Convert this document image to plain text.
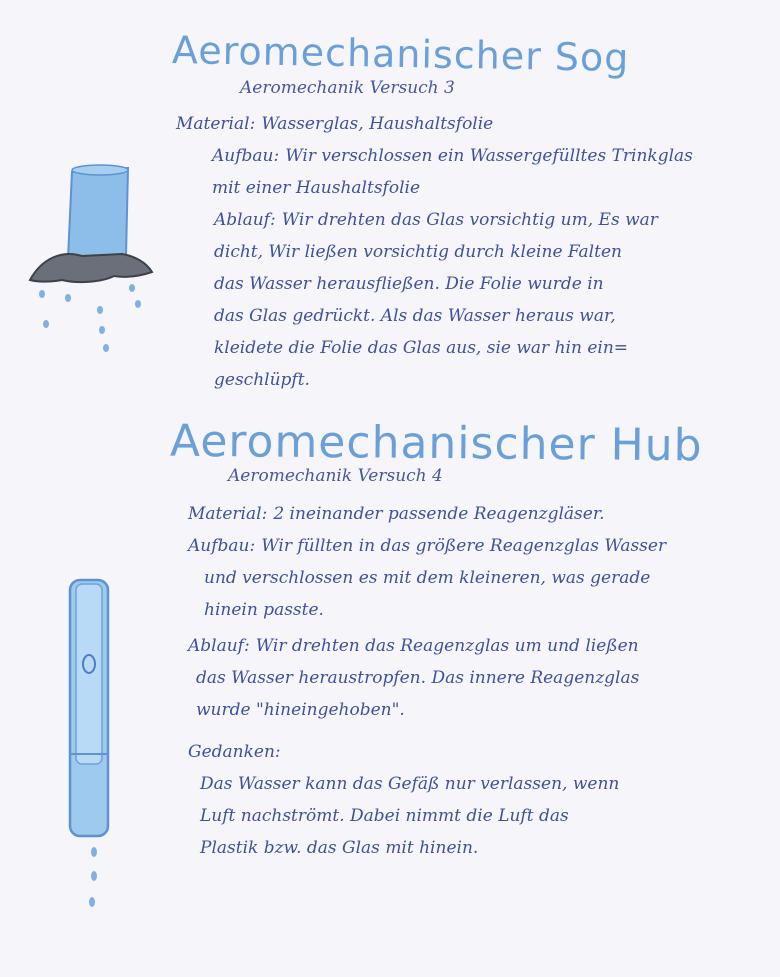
Aeromechanischer Sog
Aeromechanik Versuch 3
Material: Wasserglas, Haushaltsfolie
Aufbau: Wir verschlossen ein Wassergefülltes Trinkglas
mit einer Haushaltsfolie
Ablauf: Wir drehten das Glas vorsichtig um, Es war
dicht, Wir ließen vorsichtig durch kleine Falten
das Wasser herausfließen. Die Folie wurde in
das Glas gedrückt. Als das Wasser heraus war,
kleidete die Folie das Glas aus, sie war hin ein=
geschlüpft.
Aeromechanischer Hub
Aeromechanik Versuch 4
Material: 2 ineinander passende Reagenzgläser.
Aufbau: Wir füllten in das größere Reagenzglas Wasser
und verschlossen es mit dem kleineren, was gerade
hinein passte.
Ablauf: Wir drehten das Reagenzglas um und ließen
das Wasser heraustropfen. Das innere Reagenzglas
wurde "hineingehoben".
Gedanken:
Das Wasser kann das Gefäß nur verlassen, wenn
Luft nachströmt. Dabei nimmt die Luft das
Plastik bzw. das Glas mit hinein.
